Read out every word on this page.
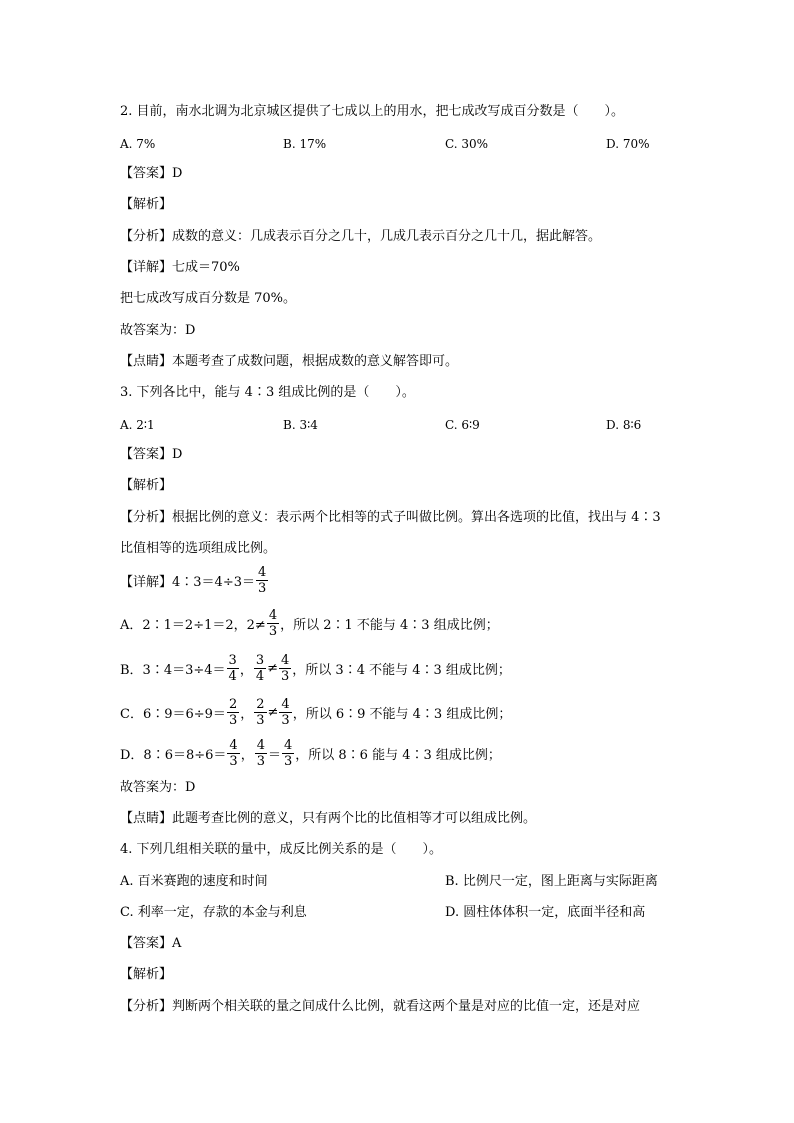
2. 目前，南水北调为北京城区提供了七成以上的用水，把七成改写成百分数是（　　）。
A. 7%	B. 17%	C. 30%	D. 70%
【答案】D
【解析】
【分析】成数的意义：几成表示百分之几十，几成几表示百分之几十几，据此解答。
【详解】七成＝70%
把七成改写成百分数是 70%。
故答案为：D
【点睛】本题考查了成数问题，根据成数的意义解答即可。
3. 下列各比中，能与 4∶3 组成比例的是（　　）。
A. 2∶1	B. 3∶4	C. 6∶9	D. 8∶6
【答案】D
【解析】
【分析】根据比例的意义：表示两个比相等的式子叫做比例。算出各选项的比值，找出与 4∶3
比值相等的选项组成比例。
【详解】4∶3＝4÷3＝ $\frac{4}{3}$
A．2∶1＝2÷1＝2，$2\ne \frac{4}{3}$ ，所以 2∶1 不能与 4∶3 组成比例；
B．3∶4＝3÷4＝ $\frac{3}{4}$ ， $\frac{3}{4} \ne \frac{4}{3}$ ，所以 3∶4 不能与 4∶3 组成比例；
C．6∶9＝6÷9＝ $\frac{2}{3}$ ， $\frac{2}{3} \ne \frac{4}{3}$ ，所以 6∶9 不能与 4∶3 组成比例；
D．8∶6＝8÷6＝ $\frac{4}{3}$ ， $\frac{4}{3} = \frac{4}{3}$ ，所以 8∶6 能与 4∶3 组成比例；
故答案为：D
【点睛】此题考查比例的意义，只有两个比的比值相等才可以组成比例。
4. 下列几组相关联的量中，成反比例关系的是（　　）。
A. 百米赛跑的速度和时间	B. 比例尺一定，图上距离与实际距离
C. 利率一定，存款的本金与利息	D. 圆柱体体积一定，底面半径和高
【答案】A
【解析】
【分析】判断两个相关联的量之间成什么比例，就看这两个量是对应的比值一定，还是对应
